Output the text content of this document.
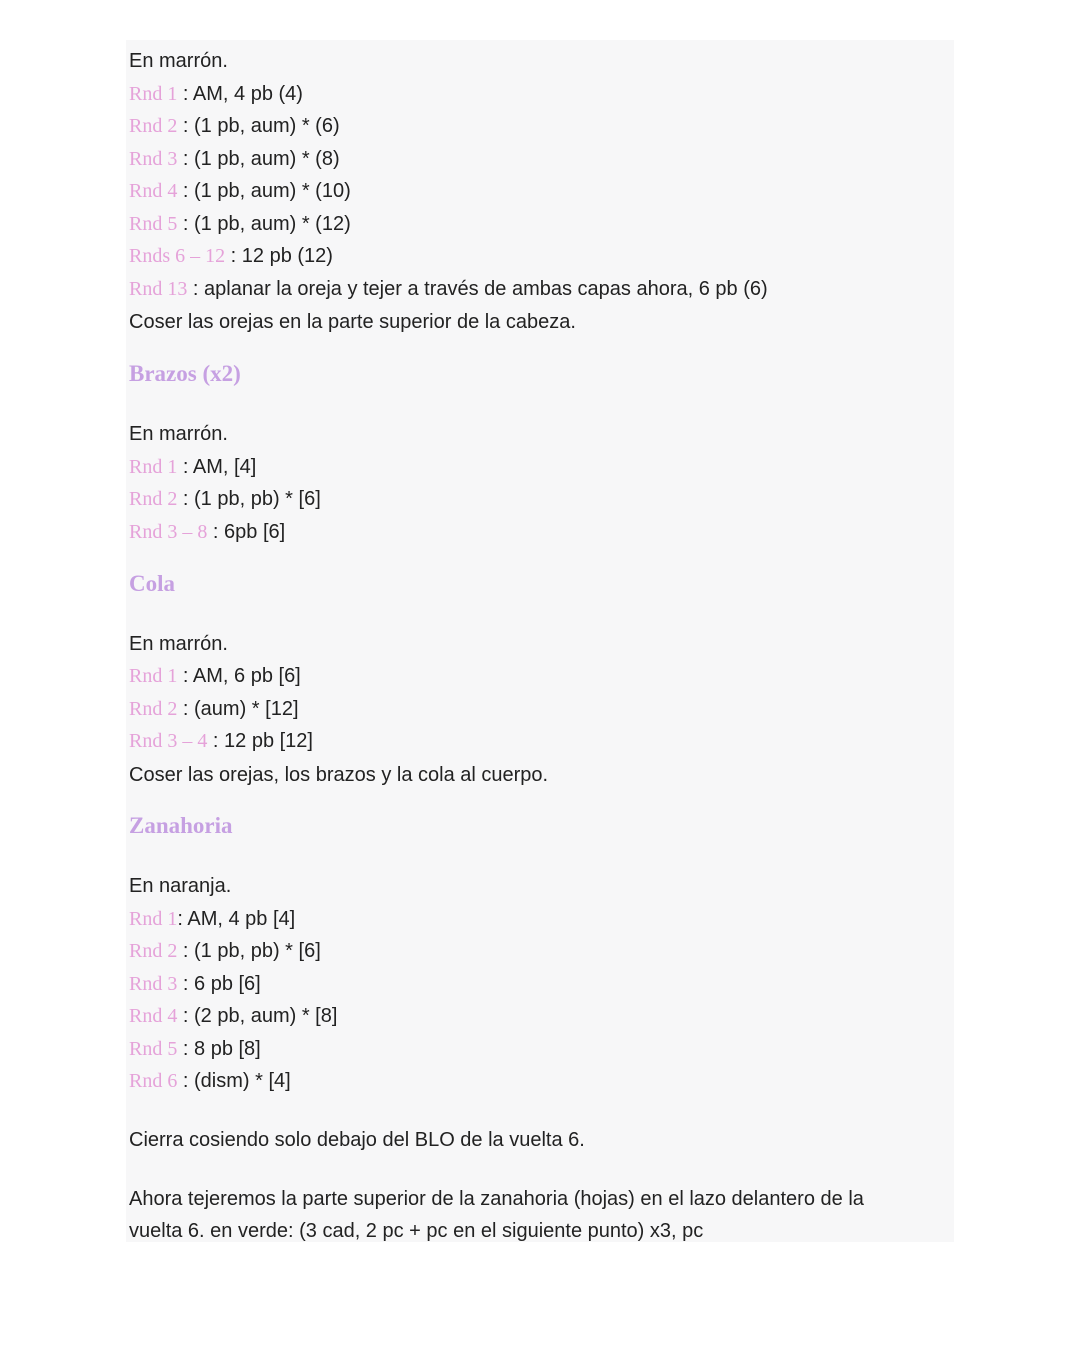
En marrón.
Rnd 1 : AM, 4 pb (4)
Rnd 2 : (1 pb, aum) * (6)
Rnd 3 : (1 pb, aum) * (8)
Rnd 4 : (1 pb, aum) * (10)
Rnd 5 : (1 pb, aum) * (12)
Rnds 6 – 12 : 12 pb (12)
Rnd 13 : aplanar la oreja y tejer a través de ambas capas ahora, 6 pb (6)
Coser las orejas en la parte superior de la cabeza.
Brazos (x2)
En marrón.
Rnd 1 : AM, [4]
Rnd 2 : (1 pb, pb) * [6]
Rnd 3 – 8 : 6pb [6]
Cola
En marrón.
Rnd 1 : AM, 6 pb [6]
Rnd 2 : (aum) * [12]
Rnd 3 – 4 : 12 pb [12]
Coser las orejas, los brazos y la cola al cuerpo.
Zanahoria
En naranja.
Rnd 1: AM, 4 pb [4]
Rnd 2 : (1 pb, pb) * [6]
Rnd 3 : 6 pb [6]
Rnd 4 : (2 pb, aum) * [8]
Rnd 5 : 8 pb [8]
Rnd 6 : (dism) * [4]
Cierra cosiendo solo debajo del BLO de la vuelta 6.
Ahora tejeremos la parte superior de la zanahoria (hojas) en el lazo delantero de la
vuelta 6. en verde: (3 cad, 2 pc + pc en el siguiente punto) x3, pc
